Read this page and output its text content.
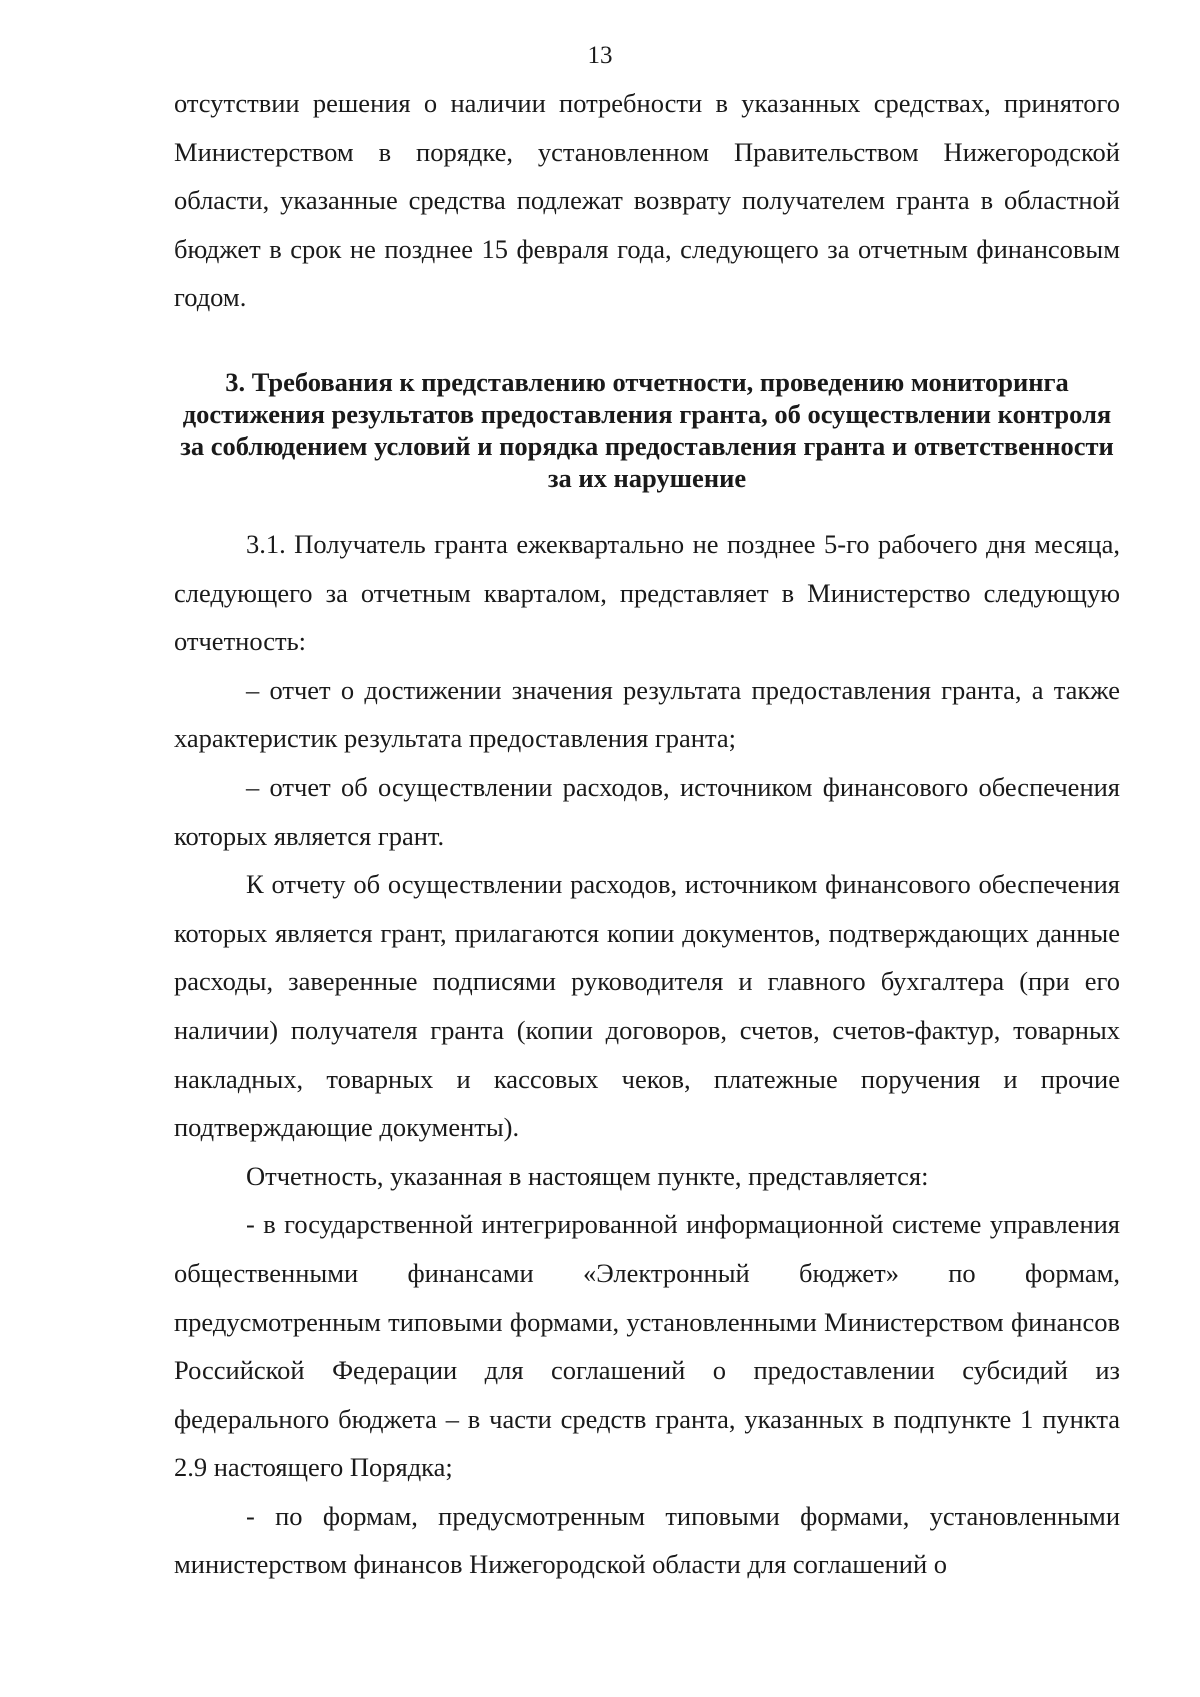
13

отсутствии решения о наличии потребности в указанных средствах, принятого Министерством в порядке, установленном Правительством Нижегородской области, указанные средства подлежат возврату получателем гранта в областной бюджет в срок не позднее 15 февраля года, следующего за отчетным финансовым годом.

3. Требования к представлению отчетности, проведению мониторинга достижения результатов предоставления гранта, об осуществлении контроля за соблюдением условий и порядка предоставления гранта и ответственности за их нарушение

3.1. Получатель гранта ежеквартально не позднее 5-го рабочего дня месяца, следующего за отчетным кварталом, представляет в Министерство следующую отчетность:

– отчет о достижении значения результата предоставления гранта, а также характеристик результата предоставления гранта;

– отчет об осуществлении расходов, источником финансового обеспечения которых является грант.

К отчету об осуществлении расходов, источником финансового обеспечения которых является грант, прилагаются копии документов, подтверждающих данные расходы, заверенные подписями руководителя и главного бухгалтера (при его наличии) получателя гранта (копии договоров, счетов, счетов-фактур, товарных накладных, товарных и кассовых чеков, платежные поручения и прочие подтверждающие документы).

Отчетность, указанная в настоящем пункте, представляется:

- в государственной интегрированной информационной системе управления общественными финансами «Электронный бюджет» по формам, предусмотренным типовыми формами, установленными Министерством финансов Российской Федерации для соглашений о предоставлении субсидий из федерального бюджета – в части средств гранта, указанных в подпункте 1 пункта 2.9 настоящего Порядка;

- по формам, предусмотренным типовыми формами, установленными министерством финансов Нижегородской области для соглашений о
